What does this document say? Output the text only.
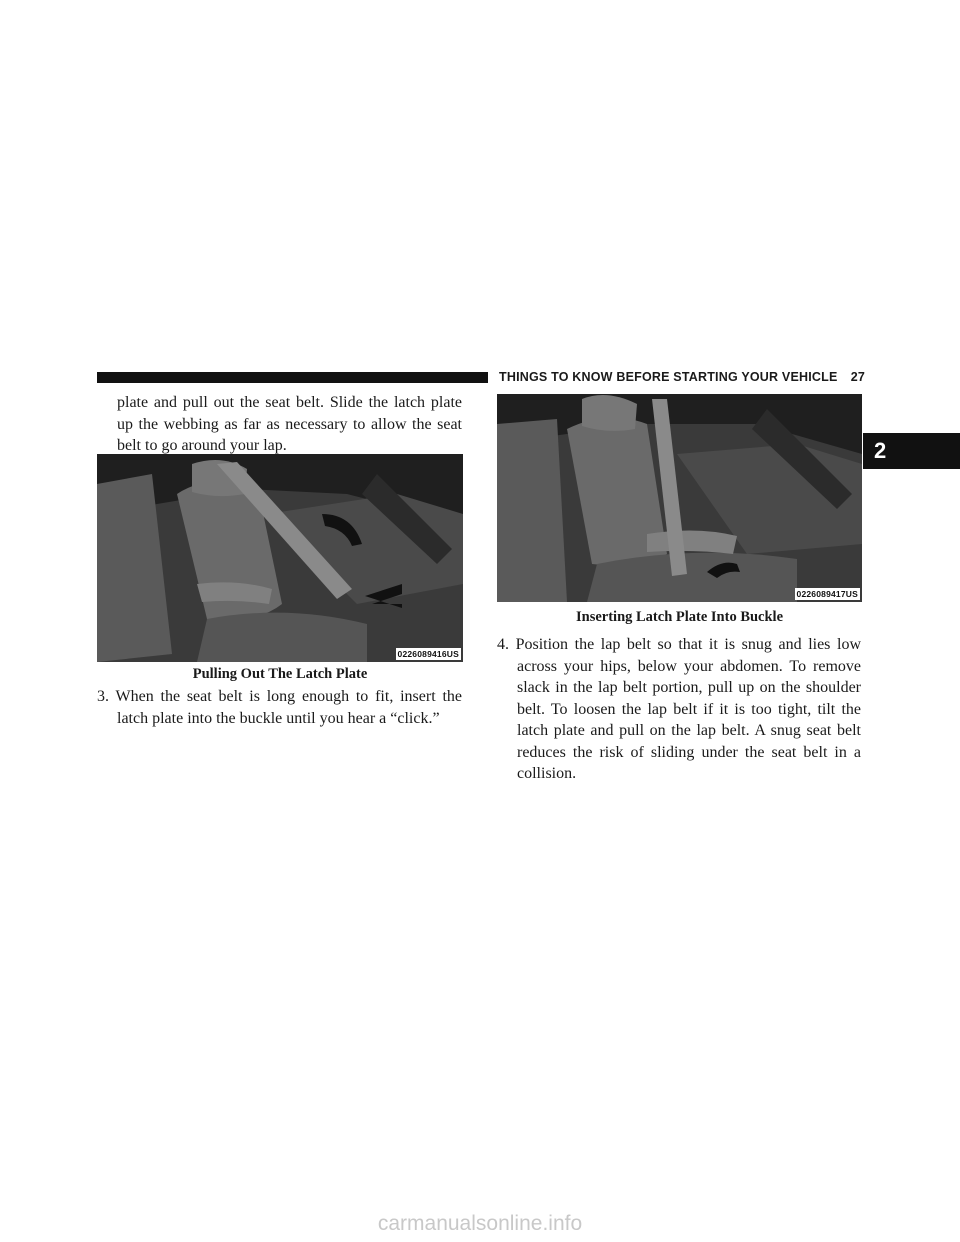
THINGS TO KNOW BEFORE STARTING YOUR VEHICLE 27
2

plate and pull out the seat belt. Slide the latch plate up the webbing as far as necessary to allow the seat belt to go around your lap.

0226089416US
Pulling Out The Latch Plate

3. When the seat belt is long enough to fit, insert the latch plate into the buckle until you hear a “click.”

0226089417US
Inserting Latch Plate Into Buckle

4. Position the lap belt so that it is snug and lies low across your hips, below your abdomen. To remove slack in the lap belt portion, pull up on the shoulder belt. To loosen the lap belt if it is too tight, tilt the latch plate and pull on the lap belt. A snug seat belt reduces the risk of sliding under the seat belt in a collision.

carmanualsonline.info
